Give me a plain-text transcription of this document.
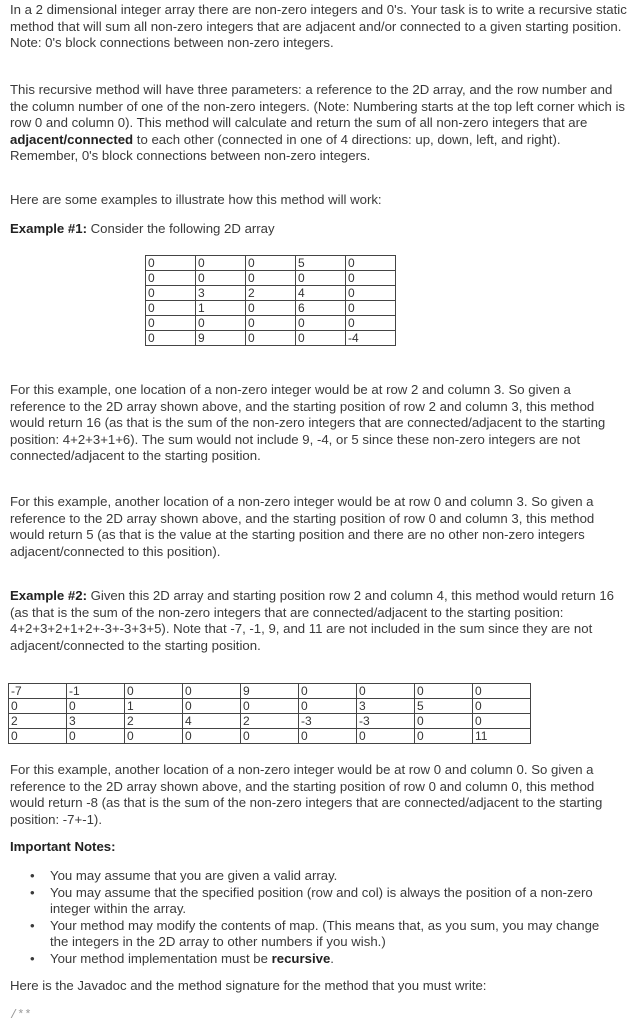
In a 2 dimensional integer array there are non-zero integers and 0's. Your task is to write a recursive static method that will sum all non-zero integers that are adjacent and/or connected to a given starting position. Note: 0's block connections between non-zero integers.

This recursive method will have three parameters: a reference to the 2D array, and the row number and the column number of one of the non-zero integers. (Note: Numbering starts at the top left corner which is row 0 and column 0). This method will calculate and return the sum of all non-zero integers that are adjacent/connected to each other (connected in one of 4 directions: up, down, left, and right). Remember, 0's block connections between non-zero integers.

Here are some examples to illustrate how this method will work:

Example #1: Consider the following 2D array

0	0	0	5	0
0	0	0	0	0
0	3	2	4	0
0	1	0	6	0
0	0	0	0	0
0	9	0	0	-4

For this example, one location of a non-zero integer would be at row 2 and column 3. So given a reference to the 2D array shown above, and the starting position of row 2 and column 3, this method would return 16 (as that is the sum of the non-zero integers that are connected/adjacent to the starting position: 4+2+3+1+6). The sum would not include 9, -4, or 5 since these non-zero integers are not connected/adjacent to the starting position.

For this example, another location of a non-zero integer would be at row 0 and column 3. So given a reference to the 2D array shown above, and the starting position of row 0 and column 3, this method would return 5 (as that is the value at the starting position and there are no other non-zero integers adjacent/connected to this position).

Example #2: Given this 2D array and starting position row 2 and column 4, this method would return 16 (as that is the sum of the non-zero integers that are connected/adjacent to the starting position: 4+2+3+2+1+2+-3+-3+3+5). Note that -7, -1, 9, and 11 are not included in the sum since they are not adjacent/connected to the starting position.

-7	-1	0	0	9	0	0	0	0
0	0	1	0	0	0	3	5	0
2	3	2	4	2	-3	-3	0	0
0	0	0	0	0	0	0	0	11

For this example, another location of a non-zero integer would be at row 0 and column 0. So given a reference to the 2D array shown above, and the starting position of row 0 and column 0, this method would return -8 (as that is the sum of the non-zero integers that are connected/adjacent to the starting position: -7+-1).

Important Notes:

• You may assume that you are given a valid array.
• You may assume that the specified position (row and col) is always the position of a non-zero integer within the array.
• Your method may modify the contents of map. (This means that, as you sum, you may change the integers in the 2D array to other numbers if you wish.)
• Your method implementation must be recursive.

Here is the Javadoc and the method signature for the method that you must write:

/**
